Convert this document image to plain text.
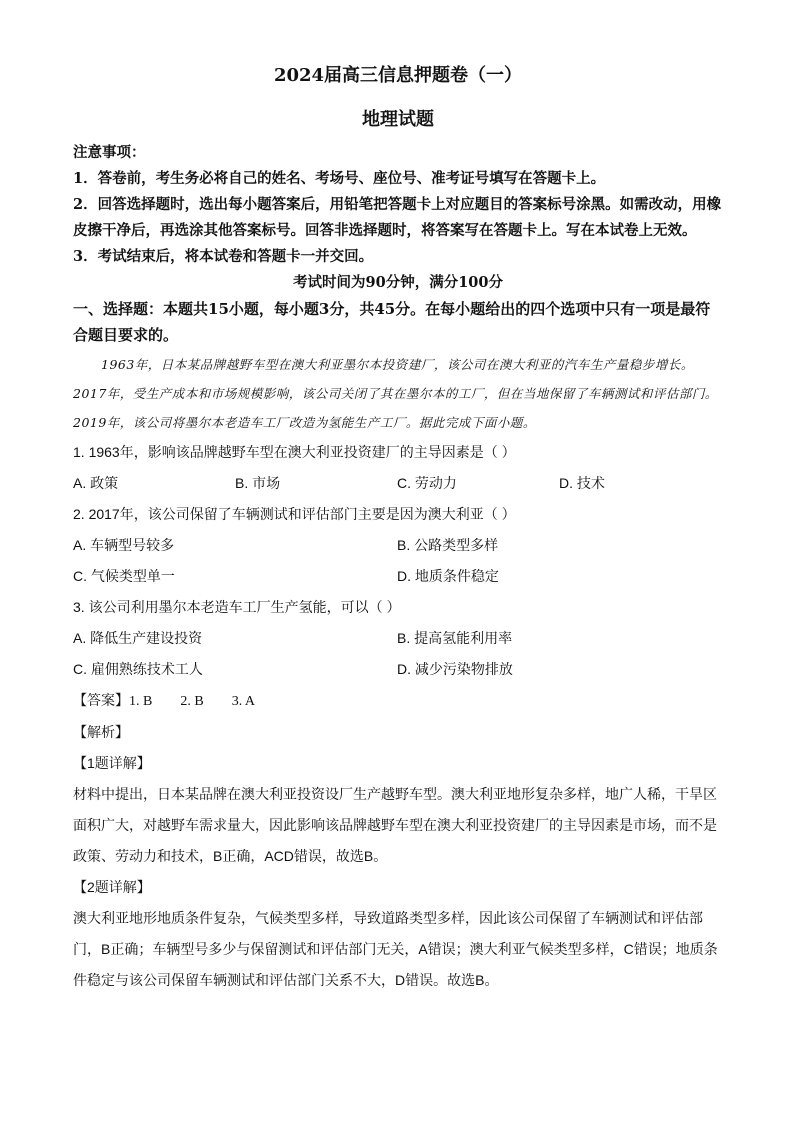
2024届高三信息押题卷（一）

地理试题

注意事项：

1．答卷前，考生务必将自己的姓名、考场号、座位号、准考证号填写在答题卡上。

2．回答选择题时，选出每小题答案后，用铅笔把答题卡上对应题目的答案标号涂黑。如需改动，用橡皮擦干净后，再选涂其他答案标号。回答非选择题时，将答案写在答题卡上。写在本试卷上无效。

3．考试结束后，将本试卷和答题卡一并交回。

考试时间为90分钟，满分100分

一、选择题：本题共15小题，每小题3分，共45分。在每小题给出的四个选项中只有一项是最符合题目要求的。

1963年，日本某品牌越野车型在澳大利亚墨尔本投资建厂，该公司在澳大利亚的汽车生产量稳步增长。2017年，受生产成本和市场规模影响，该公司关闭了其在墨尔本的工厂，但在当地保留了车辆测试和评估部门。2019年，该公司将墨尔本老造车工厂改造为氢能生产工厂。据此完成下面小题。

1. 1963年，影响该品牌越野车型在澳大利亚投资建厂的主导因素是（ ）

A. 政策	B. 市场	C. 劳动力	D. 技术

2. 2017年，该公司保留了车辆测试和评估部门主要是因为澳大利亚（ ）

A. 车辆型号较多	B. 公路类型多样
C. 气候类型单一	D. 地质条件稳定

3. 该公司利用墨尔本老造车工厂生产氢能，可以（ ）

A. 降低生产建设投资	B. 提高氢能利用率
C. 雇佣熟练技术工人	D. 减少污染物排放

【答案】1. B 2. B 3. A

【解析】

【1题详解】

材料中提出，日本某品牌在澳大利亚投资设厂生产越野车型。澳大利亚地形复杂多样，地广人稀，干旱区面积广大，对越野车需求量大，因此影响该品牌越野车型在澳大利亚投资建厂的主导因素是市场，而不是政策、劳动力和技术，B正确，ACD错误，故选B。

【2题详解】

澳大利亚地形地质条件复杂，气候类型多样，导致道路类型多样，因此该公司保留了车辆测试和评估部门，B正确；车辆型号多少与保留测试和评估部门无关，A错误；澳大利亚气候类型多样，C错误；地质条件稳定与该公司保留车辆测试和评估部门关系不大，D错误。故选B。
